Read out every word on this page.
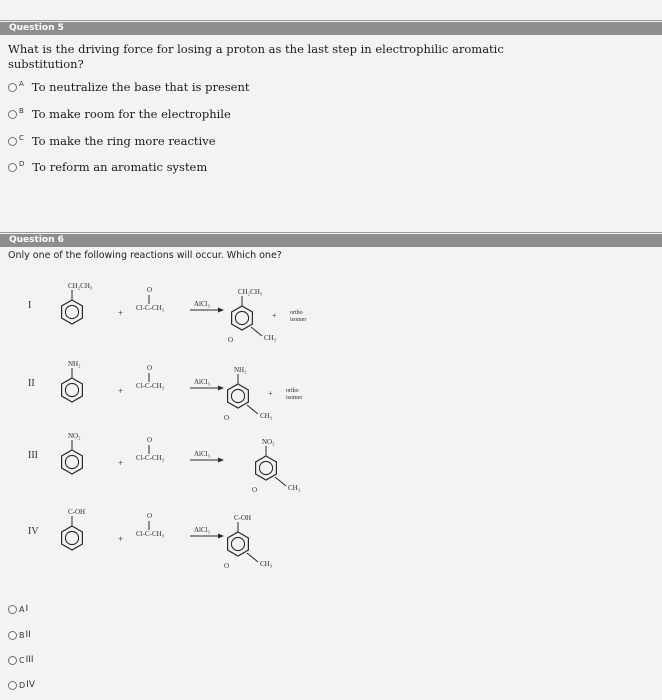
Question 5
What is the driving force for losing a proton as the last step in electrophilic aromatic substitution?
A To neutralize the base that is present
B To make room for the electrophile
C To make the ring more reactive
D To reform an aromatic system
Question 6
Only one of the following reactions will occur. Which one?
I
CH₂CH₃
+
O
Cl-C-CH₃	AlCl₃
CH₂CH₃
O	CH₃
+ ortho
isomer
II
NH₂
+
O
Cl-C-CH₃	AlCl₃
NH₂
O	CH₃
+ ortho
isomer
III
NO₂
+
O
Cl-C-CH₃	AlCl₃
NO₂
O	CH₃
IV
C-OH
+
O
Cl-C-CH₃	AlCl₃
C-OH
O	CH₃
A I
B II
C III
D IV
